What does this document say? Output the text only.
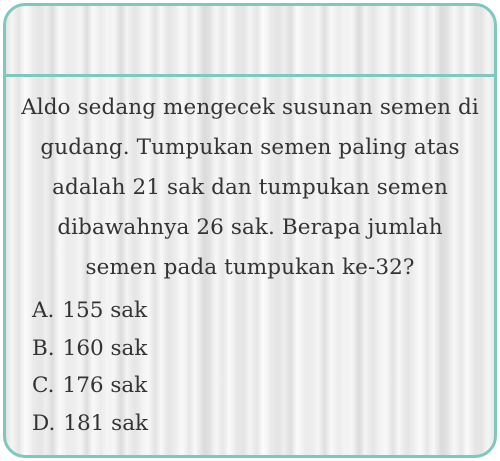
Aldo sedang mengecek susunan semen di gudang. Tumpukan semen paling atas adalah 21 sak dan tumpukan semen dibawahnya 26 sak. Berapa jumlah semen pada tumpukan ke-32?
A. 155 sak
B. 160 sak
C. 176 sak
D. 181 sak
